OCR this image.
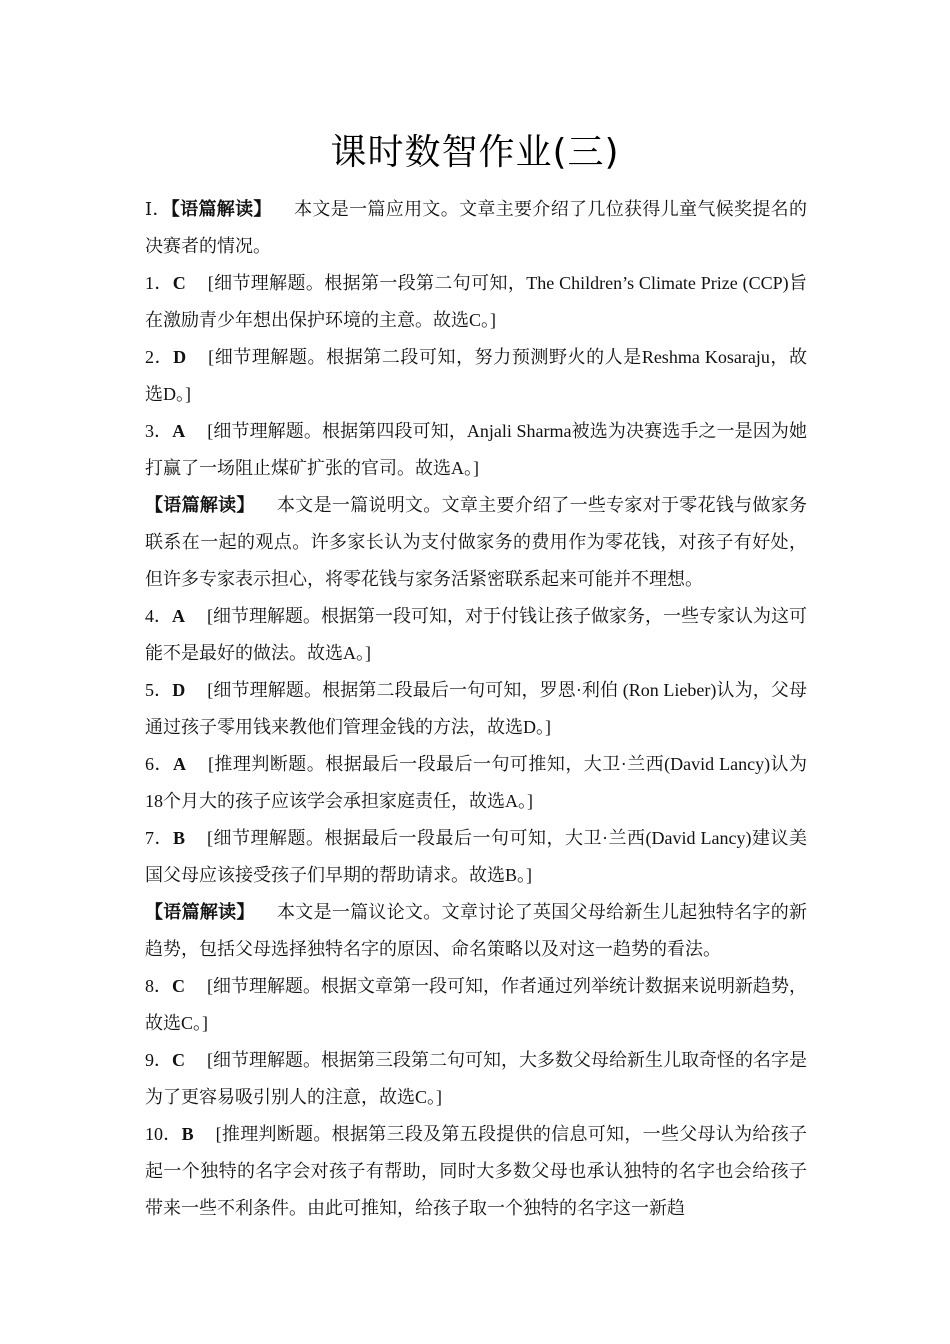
课时数智作业(三)

Ⅰ．【语篇解读】 本文是一篇应用文。文章主要介绍了几位获得儿童气候奖提名的决赛者的情况。

1．C [细节理解题。根据第一段第二句可知，The Children’s Climate Prize (CCP)旨在激励青少年想出保护环境的主意。故选C。]

2．D [细节理解题。根据第二段可知，努力预测野火的人是Reshma Kosaraju，故选D。]

3．A [细节理解题。根据第四段可知，Anjali Sharma被选为决赛选手之一是因为她打赢了一场阻止煤矿扩张的官司。故选A。]

【语篇解读】 本文是一篇说明文。文章主要介绍了一些专家对于零花钱与做家务联系在一起的观点。许多家长认为支付做家务的费用作为零花钱，对孩子有好处，但许多专家表示担心，将零花钱与家务活紧密联系起来可能并不理想。

4．A [细节理解题。根据第一段可知，对于付钱让孩子做家务，一些专家认为这可能不是最好的做法。故选A。]

5．D [细节理解题。根据第二段最后一句可知，罗恩·利伯 (Ron Lieber)认为，父母通过孩子零用钱来教他们管理金钱的方法，故选D。]

6．A [推理判断题。根据最后一段最后一句可推知，大卫·兰西(David Lancy)认为18个月大的孩子应该学会承担家庭责任，故选A。]

7．B [细节理解题。根据最后一段最后一句可知，大卫·兰西(David Lancy)建议美国父母应该接受孩子们早期的帮助请求。故选B。]

【语篇解读】 本文是一篇议论文。文章讨论了英国父母给新生儿起独特名字的新趋势，包括父母选择独特名字的原因、命名策略以及对这一趋势的看法。

8．C [细节理解题。根据文章第一段可知，作者通过列举统计数据来说明新趋势，故选C。]

9．C [细节理解题。根据第三段第二句可知，大多数父母给新生儿取奇怪的名字是为了更容易吸引别人的注意，故选C。]

10．B [推理判断题。根据第三段及第五段提供的信息可知，一些父母认为给孩子起一个独特的名字会对孩子有帮助，同时大多数父母也承认独特的名字也会给孩子带来一些不利条件。由此可推知，给孩子取一个独特的名字这一新趋
